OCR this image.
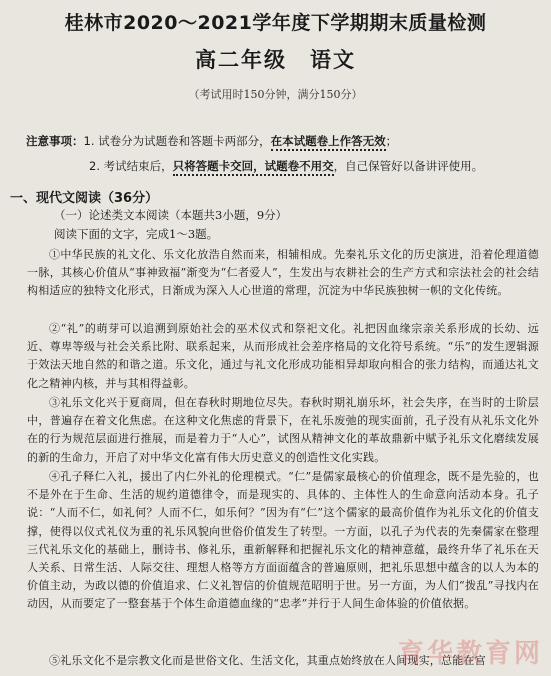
桂林市2020～2021学年度下学期期末质量检测
高二年级　语文
（考试用时150分钟，满分150分）
注意事项：1. 试卷分为试题卷和答题卡两部分，在本试题卷上作答无效；
2. 考试结束后，只将答题卡交回，试题卷不用交，自己保管好以备讲评使用。
一、现代文阅读（36分）
（一）论述类文本阅读（本题共3小题，9分）
阅读下面的文字，完成1～3题。
①中华民族的礼文化、乐文化放浩自然而来，相辅相成。先秦礼乐文化的历史演进，沿着伦理道德一脉，其核心价值从“事神致福”渐变为“仁者爱人”，生发出与农耕社会的生产方式和宗法社会的社会结构相适应的独特文化形式，日渐成为深入人心世道的常理，沉淀为中华民族独树一帜的文化传统。
②“礼”的萌芽可以追溯到原始社会的巫术仪式和祭祀文化。礼把因血缘宗亲关系形成的长幼、远近、尊卑等级与社会关系比附、联系起来，从而形成社会差序格局的文化符号系统。“乐”的发生逻辑源于效法天地自然的和谐之道。乐文化，通过与礼文化形成功能相异却取向相合的张力结构，而通达礼文化之精神内核，并与其相得益彰。
③礼乐文化兴于夏商周，但在春秋时期地位尽失。春秋时期礼崩乐坏，社会失序，在当时的士阶层中，普遍存在着文化焦虑。在这种文化焦虑的背景下，在礼乐废弛的现实面前，孔子没有从礼乐文化外在的行为规范层面进行推展，而是着力于“人心”，试图从精神文化的革故鼎新中赋予礼乐文化磨续发展的新的生命力，开启了对中华文化富有伟大历史意义的创造性文化实践。
④孔子释仁入礼，援出了内仁外礼的伦理模式。“仁”是儒家最核心的价值理念，既不是先验的，也不是外在于生命、生活的规约道德律令，而是现实的、具体的、主体性人的生命意向活动本身。孔子说：“人而不仁，如礼何？人而不仁，如乐何？”因为有“仁”这个儒家的最高价值作为礼乐文化的价值支撑，使得以仪式礼仪为重的礼乐风貌向世俗价值发生了转型。一方面，以孔子为代表的先秦儒家在整理三代礼乐文化的基础上，删诗书、修礼乐，重新解释和把握礼乐文化的精神意蕴，最终升华了礼乐在天人关系、日常生活、人际交往、理想人格等方方面面蕴含的普遍原则，把礼乐思想中蕴含的以人为本的价值主动，为政以德的价值追求、仁义礼智信的价值规范昭明于世。另一方面，为人们“拨乱”寻找内在动因，从而要定了一整套基于个体生命道德血缘的“忠孝”并行于人间生命体验的价值依据。
⑤礼乐文化不是宗教文化而是世俗文化、生活文化，其重点始终放在人间现实，总能在宫
育华教育网
